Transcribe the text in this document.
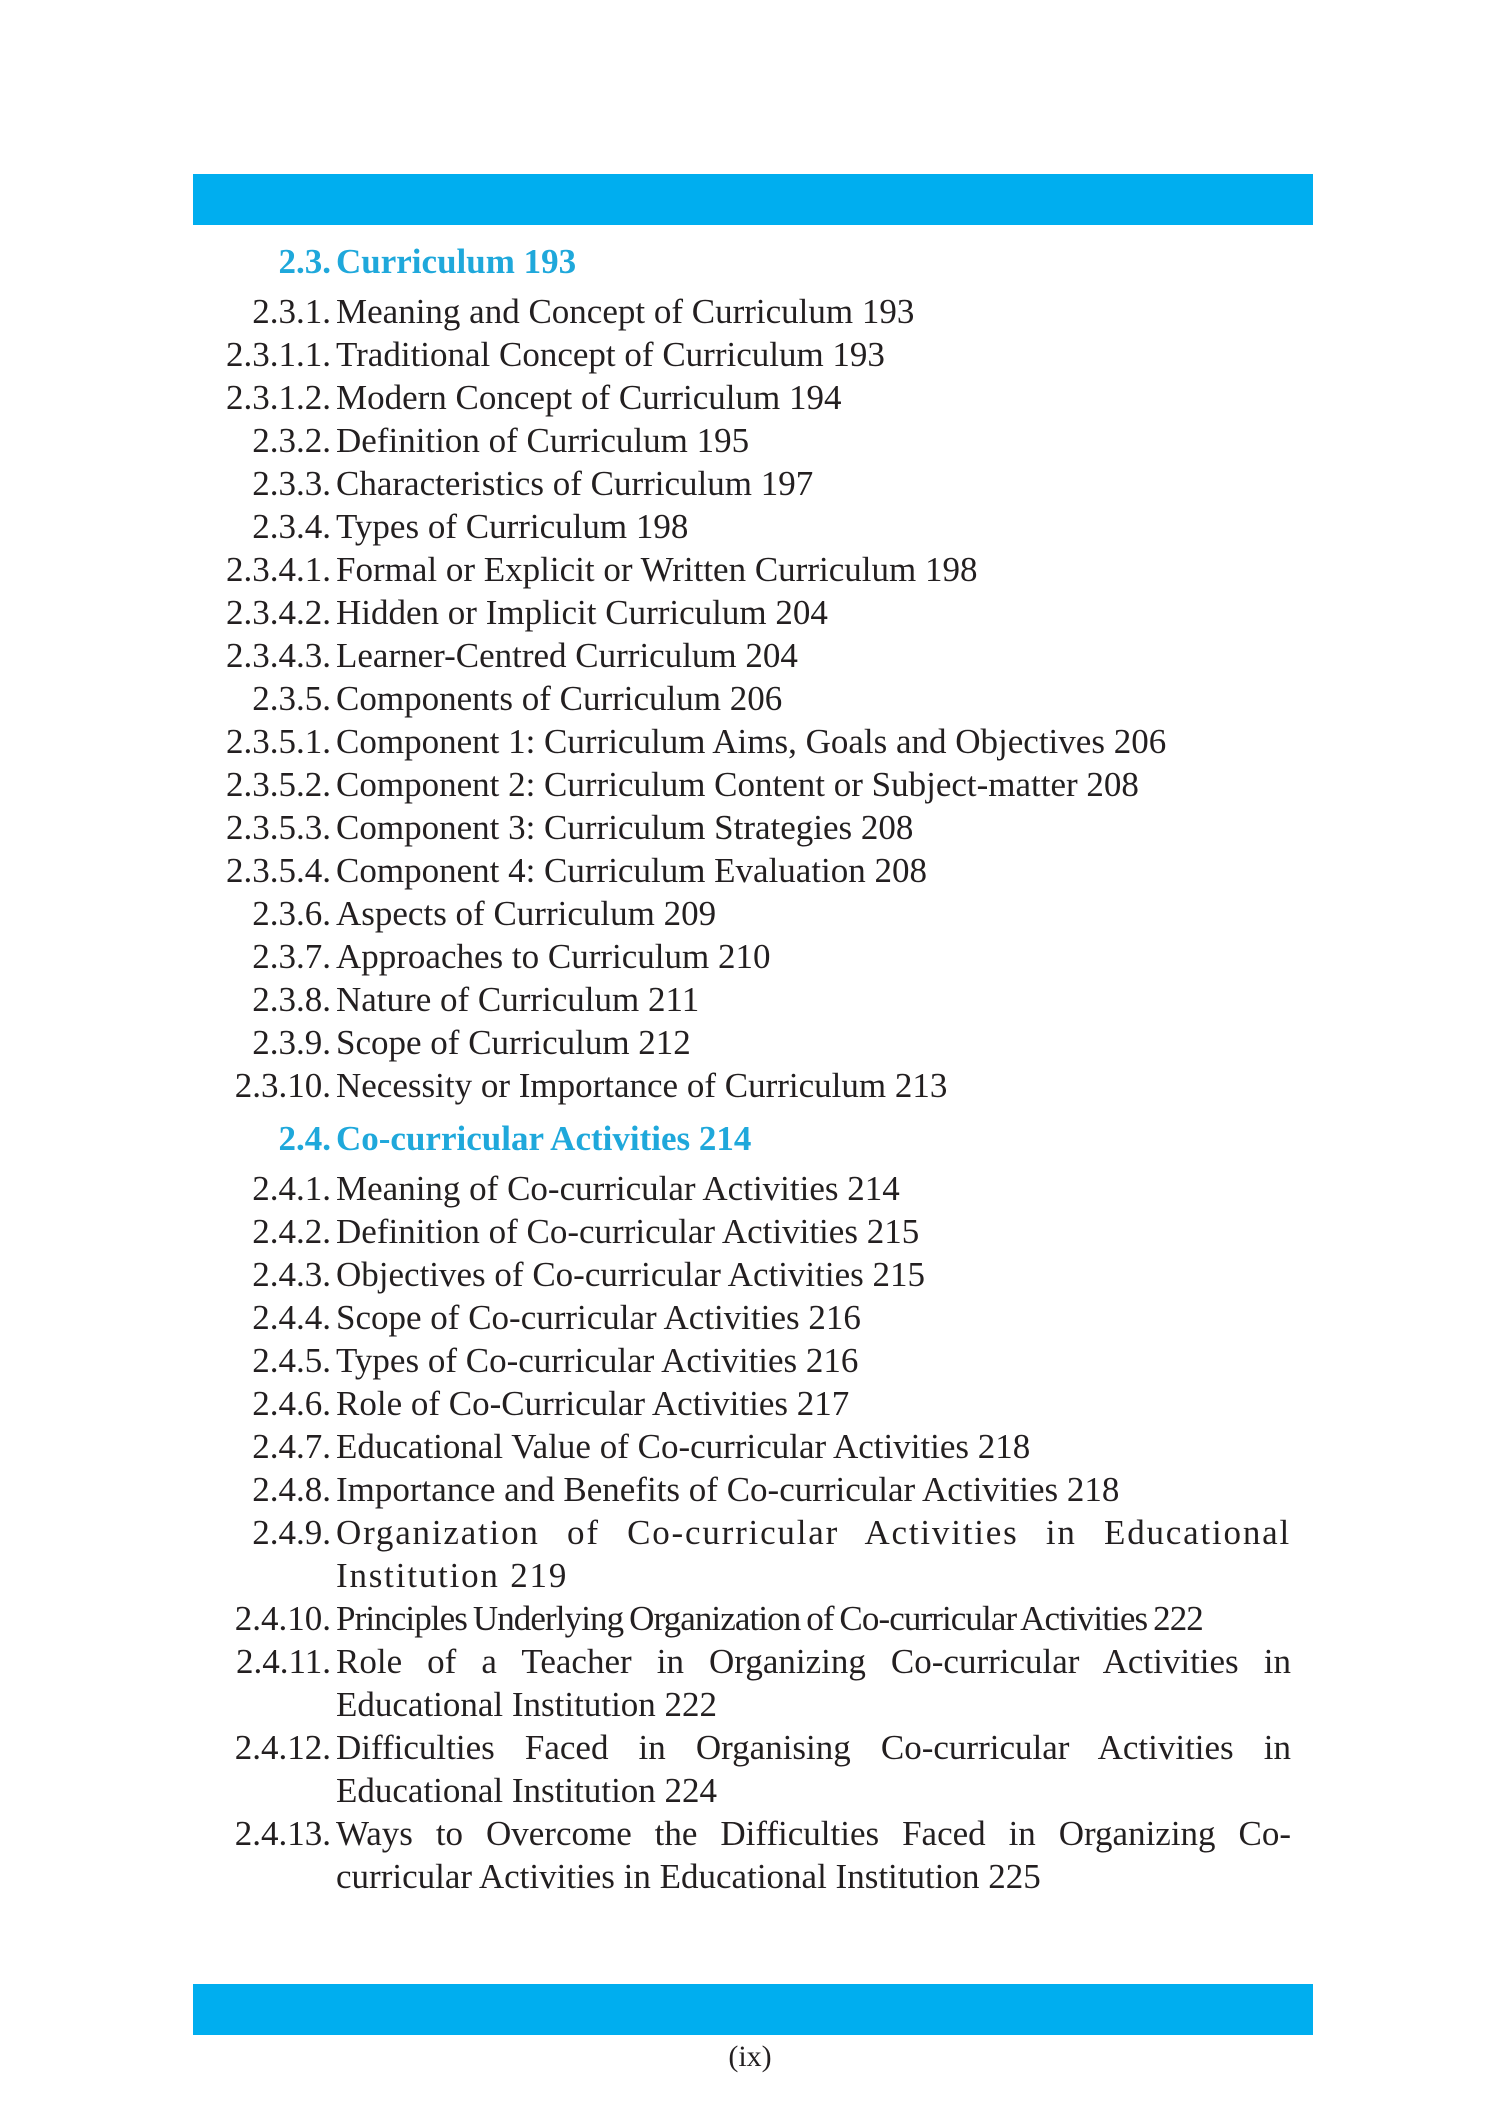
2.3. Curriculum 193
2.3.1. Meaning and Concept of Curriculum 193
2.3.1.1. Traditional Concept of Curriculum 193
2.3.1.2. Modern Concept of Curriculum 194
2.3.2. Definition of Curriculum 195
2.3.3. Characteristics of Curriculum 197
2.3.4. Types of Curriculum 198
2.3.4.1. Formal or Explicit or Written Curriculum 198
2.3.4.2. Hidden or Implicit Curriculum 204
2.3.4.3. Learner-Centred Curriculum 204
2.3.5. Components of Curriculum 206
2.3.5.1. Component 1: Curriculum Aims, Goals and Objectives 206
2.3.5.2. Component 2: Curriculum Content or Subject-matter 208
2.3.5.3. Component 3: Curriculum Strategies 208
2.3.5.4. Component 4: Curriculum Evaluation 208
2.3.6. Aspects of Curriculum 209
2.3.7. Approaches to Curriculum 210
2.3.8. Nature of Curriculum 211
2.3.9. Scope of Curriculum 212
2.3.10. Necessity or Importance of Curriculum 213
2.4. Co-curricular Activities 214
2.4.1. Meaning of Co-curricular Activities 214
2.4.2. Definition of Co-curricular Activities 215
2.4.3. Objectives of Co-curricular Activities 215
2.4.4. Scope of Co-curricular Activities 216
2.4.5. Types of Co-curricular Activities 216
2.4.6. Role of Co-Curricular Activities 217
2.4.7. Educational Value of Co-curricular Activities 218
2.4.8. Importance and Benefits of Co-curricular Activities 218
2.4.9. Organization of Co-curricular Activities in Educational Institution 219
2.4.10. Principles Underlying Organization of Co-curricular Activities 222
2.4.11. Role of a Teacher in Organizing Co-curricular Activities in Educational Institution 222
2.4.12. Difficulties Faced in Organising Co-curricular Activities in Educational Institution 224
2.4.13. Ways to Overcome the Difficulties Faced in Organizing Co-curricular Activities in Educational Institution 225
(ix)
